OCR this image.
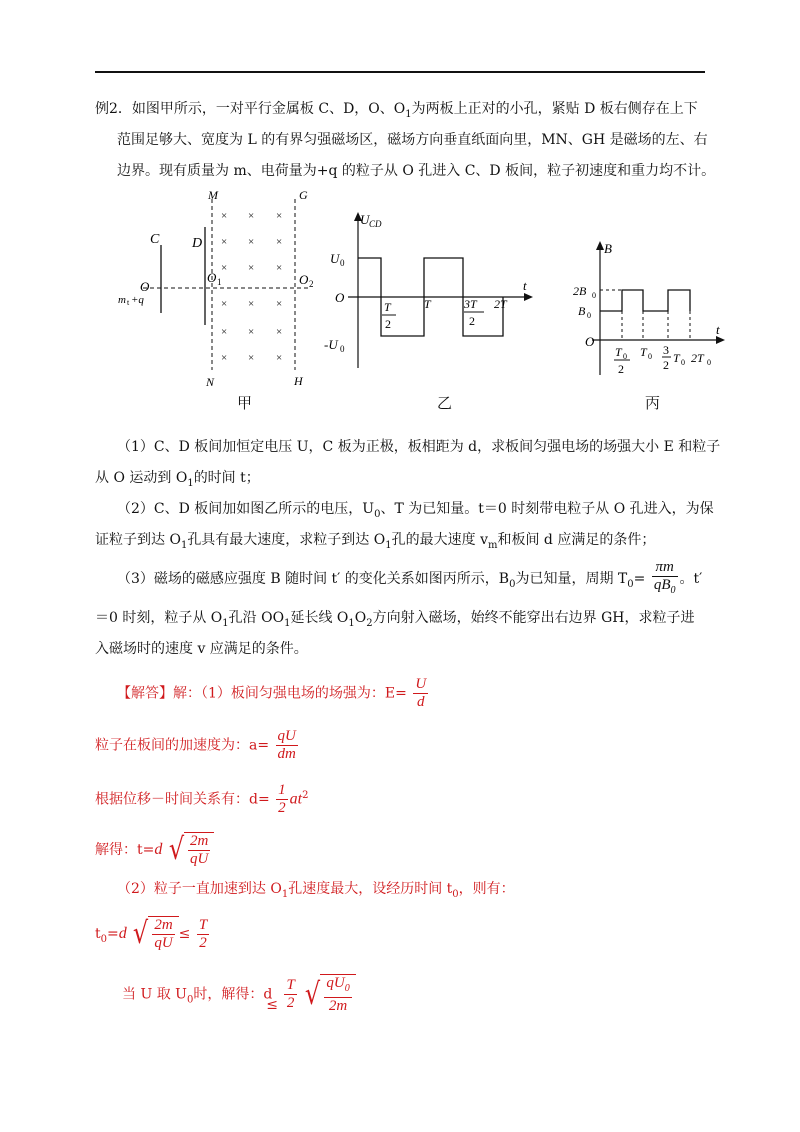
例2．如图甲所示，一对平行金属板 C、D，O、$O_1$为两板上正对的小孔，紧贴 D 板右侧存在上下
范围足够大、宽度为 L 的有界匀强磁场区，磁场方向垂直纸面向里，MN、GH 是磁场的左、右
边界。现有质量为 m、电荷量为+q 的粒子从 O 孔进入 C、D 板间，粒子初速度和重力均不计。
C D
M
N
G
H
O
O 1	O 2
m t +q
× × ×
× × ×
× × ×
× × ×
× × ×
× × ×
甲
U CD
U 0
-U 0
O
t
T
2
T	3T
2
2T
乙
B
2B 0
B 0
O
t
T 0
2
T 0 3
2 T 0 2T 0
丙
（1）C、D 板间加恒定电压 U，C 板为正极，板相距为 d，求板间匀强电场的场强大小 E 和粒子
从 O 运动到 $O_1$的时间 t；
（2）C、D 板间加如图乙所示的电压，$U_0$、T 为已知量。t＝0 时刻带电粒子从 O 孔进入，为保
证粒子到达 $O_1$孔具有最大速度，求粒子到达 $O_1$孔的最大速度 $v_m$和板间 d 应满足的条件；
（3）磁场的磁感应强度 B 随时间 t′ 的变化关系如图丙所示，$B_0$为已知量，周期 $T_0= \frac{\pi m}{qB_0}$ 。t′
＝0 时刻，粒子从 $O_1$孔沿 $OO_1$延长线 $O_1O_2$方向射入磁场，始终不能穿出右边界 GH，求粒子进
入磁场时的速度 v 应满足的条件。
【解答】解：（1）板间匀强电场的场强为：$E= \frac{U}{d}$
粒子在板间的加速度为：$a= \frac{qU}{dm}$
根据位移－时间关系有：$d= \frac{1}{2} at^2$
解得：t=d √ $\frac{2m}{qU}$
（2）粒子一直加速到达 $O_1$孔速度最大，设经历时间 $t_0$，则有：
$t_0=d$ √ $\frac{2m}{qU} \le \frac{T}{2}$
当 U 取 $U_0$时，解得：$d\le \frac{T}{2}$ √ $\frac{qU_0}{2m}$
